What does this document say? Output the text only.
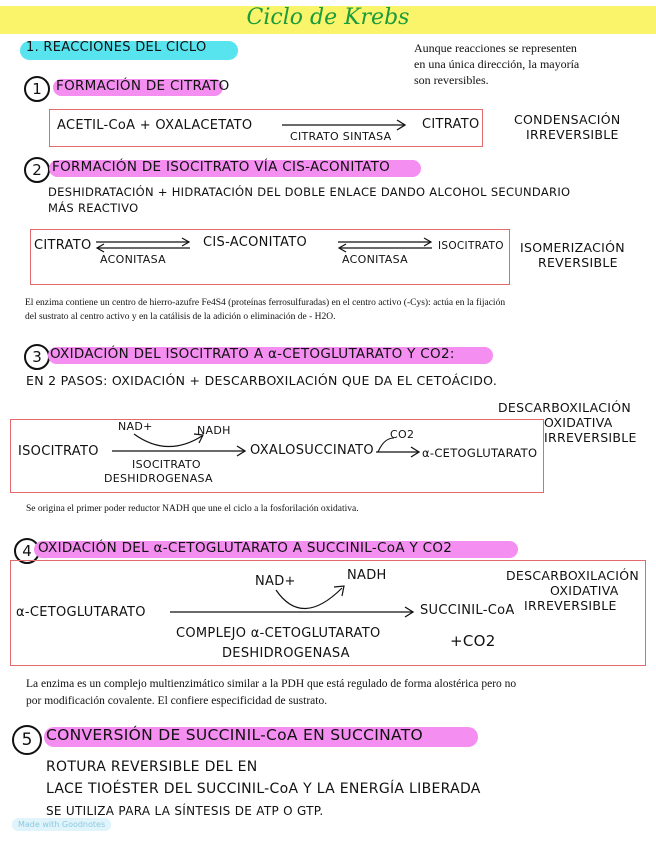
Ciclo de Krebs
1. REACCIONES DEL CICLO	Aunque reacciones se representen
en una única dirección, la mayoría
son reversibles.
1	FORMACIÓN DE CITRATO
ACETIL-CoA + OXALACETATO
CITRATO SINTASA
CITRATO	CONDENSACIÓN
IRREVERSIBLE
2 FORMACIÓN DE ISOCITRATO VÍA CIS-ACONITATO
DESHIDRATACIÓN + HIDRATACIÓN DEL DOBLE ENLACE DANDO ALCOHOL SECUNDARIO
MÁS REACTIVO
CITRATO
ACONITASA
CIS-ACONITATO
ACONITASA
ISOCITRATO ISOMERIZACIÓN
REVERSIBLE
El enzima contiene un centro de hierro-azufre Fe4S4 (proteínas ferrosulfuradas) en el centro activo (-Cys): actúa en la fijación
del sustrato al centro activo y en la catálisis de la adición o eliminación de - H2O.
3 OXIDACIÓN DEL ISOCITRATO A α-CETOGLUTARATO Y CO2:
EN 2 PASOS: OXIDACIÓN + DESCARBOXILACIÓN QUE DA EL CETOÁCIDO.
DESCARBOXILACIÓN
OXIDATIVA
IRREVERSIBLE
NAD+	NADH
ISOCITRATO
ISOCITRATO
DESHIDROGENASA
OXALOSUCCINATO
CO2
α-CETOGLUTARATO
Se origina el primer poder reductor NADH que une el ciclo a la fosforilación oxidativa.
4 OXIDACIÓN DEL α-CETOGLUTARATO A SUCCINIL-CoA Y CO2
NAD+	NADH
α-CETOGLUTARATO	SUCCINIL-CoA
+CO2
COMPLEJO α-CETOGLUTARATO
DESHIDROGENASA
DESCARBOXILACIÓN
OXIDATIVA
IRREVERSIBLE
La enzima es un complejo multienzimático similar a la PDH que está regulado de forma alostérica pero no
por modificación covalente. El confiere especificidad de sustrato.
5 CONVERSIÓN DE SUCCINIL-CoA EN SUCCINATO
ROTURA REVERSIBLE DEL EN
LACE TIOÉSTER DEL SUCCINIL-CoA Y LA ENERGÍA LIBERADA
SE UTILIZA PARA LA SÍNTESIS DE ATP O GTP.
Made with Goodnotes
